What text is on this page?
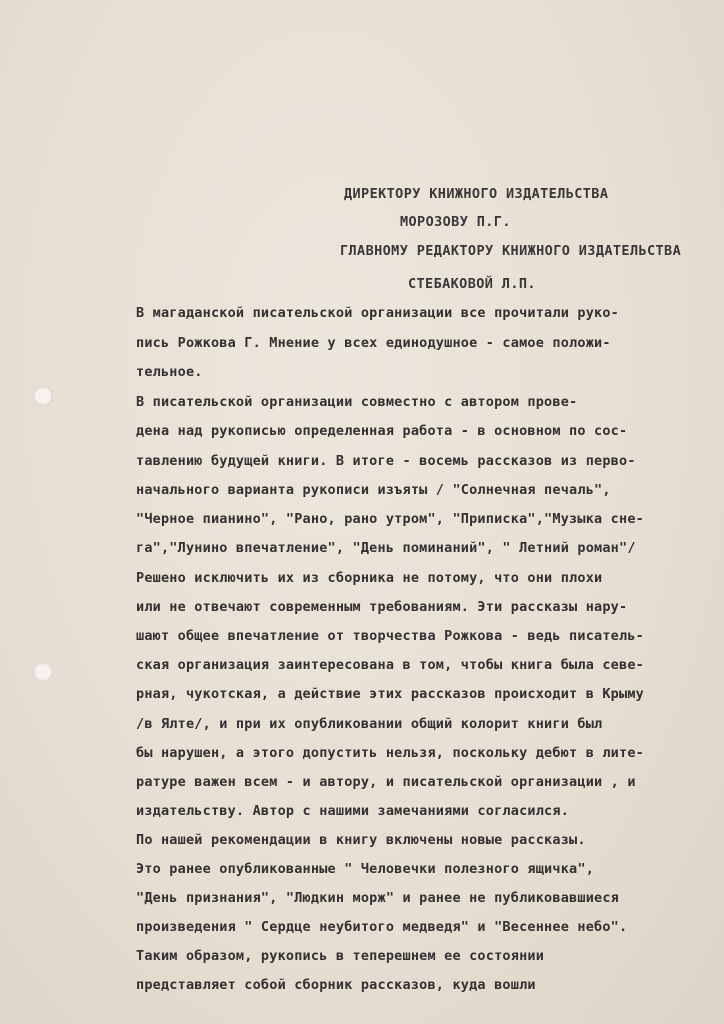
ДИРЕКТОРУ КНИЖНОГО ИЗДАТЕЛЬСТВА
МОРОЗОВУ П.Г.
ГЛАВНОМУ РЕДАКТОРУ КНИЖНОГО ИЗДАТЕЛЬСТВА
СТЕБАКОВОЙ Л.П.
В магаданской писательской организации все прочитали руко-
пись Рожкова Г. Мнение у всех единодушное - самое положи-
тельное.
В писательской организации совместно с автором прове-
дена над рукописью определенная работа - в основном по сос-
тавлению будущей книги. В итоге - восемь рассказов из перво-
начального варианта рукописи изъяты / "Солнечная печаль",
"Черное пианино", "Рано, рано утром", "Приписка","Музыка сне-
га","Лунино впечатление", "День поминаний", " Летний роман"/
Решено исключить их из сборника не потому, что они плохи
или не отвечают современным требованиям. Эти рассказы нару-
шают общее впечатление от творчества Рожкова - ведь писатель-
ская организация заинтересована в том, чтобы книга была севе-
рная, чукотская, а действие этих рассказов происходит в Крыму
/в Ялте/, и при их опубликовании общий колорит книги был
бы нарушен, а этого допустить нельзя, поскольку дебют в лите-
ратуре важен всем - и автору, и писательской организации , и
издательству. Автор с нашими замечаниями согласился.
По нашей рекомендации в книгу включены новые рассказы.
Это ранее опубликованные " Человечки полезного ящичка",
"День признания", "Людкин морж" и ранее не публиковавшиеся
произведения " Сердце неубитого медведя" и "Весеннее небо".
Таким образом, рукопись в теперешнем ее состоянии
представляет собой сборник рассказов, куда вошли
